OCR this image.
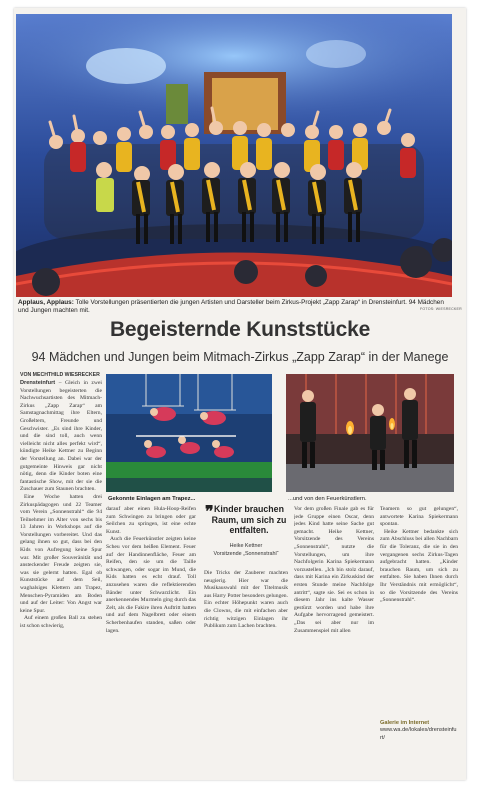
Applaus, Applaus: Tolle Vorstellungen präsentierten die jungen Artisten und Darsteller beim Zirkus-Projekt „Zapp Zarap“ in Drensteinfurt. 94 Mädchen und Jungen machten mit.	FOTOS: WIESRECKER
Begeisternde Kunststücke
94 Mädchen und Jungen beim Mitmach-Zirkus „Zapp Zarap“ in der Manege
VON MECHTHILD WIESRECKER

Drensteinfurt – Gleich in zwei Vorstellungen begeisterten die Nachwuchsartisten des Mitmach-Zirkus „Zapp Zarap“ am Samstagnachmittag ihre Eltern, Großeltern, Freunde und Geschwister. „Es sind ihre Kinder, und die sind toll, auch wenn vielleicht nicht alles perfekt wird“, kündigte Heike Kettner zu Beginn der Vorstellung an. Dabei war der gutgemeinte Hinweis gar nicht nötig, denn die Kinder boten eine fantastische Show, mit der sie die Zuschauer zum Staunen brachten.

Eine Woche hatten drei Zirkuspädagogen und 22 Teamer vom Verein „Sonnenstrahl“ die 94 Teilnehmer im Alter von sechs bis 13 Jahren in Workshops auf die Vorstellungen vorbereitet. Und das gelang ihnen so gut, dass bei den Kids von Aufregung keine Spur war. Mit großer Souveränität und ansteckender Freude zeigten sie, was sie gelernt hatten. Egal ob Kunststücke auf dem Seil, waghalsiges Klettern am Trapez, Menschen-Pyramiden am Boden und auf der Leiter: Von Angst war keine Spur.

Auf einem großen Ball zu stehen ist schon schwierig,

Gekonnte Einlagen am Trapez...	...und von den Feuerkünstlern.
❞ Kinder brauchen Raum, um sich zu entfalten.
Heike Kettner
Vorsitzende „Sonnenstrahl“

darauf aber einen Hula-Hoop-Reifen zum Schwingen zu bringen oder gar Seilchen zu springen, ist eine echte Kunst.

Auch die Feuerkünstler zeigten keine Scheu vor dem heißen Element. Feuer auf der Handinnenfläche, Feuer am Reifen, den sie um die Taille schwangen, oder sogar im Mund, die Kids hatten es echt drauf. Toll anzusehen waren die reflektierenden Bänder unter Schwarzlicht. Ein anerkennendes Murmeln ging durch das Zelt, als die Fakire ihren Auftritt hatten und auf dem Nagelbrett oder einem Scherbenhaufen standen, saßen oder lagen.

Die Tricks der Zauberer machten neugierig. Hier war die Musikauswahl mit der Titelmusik aus Harry Potter besonders gelungen. Ein echter Höhepunkt waren auch die Clowns, die mit einfachen aber richtig witzigen Einlagen ihr Publikum zum Lachen brachten.

Vor dem großen Finale gab es für jede Gruppe einen Oscar, denn jedes Kind hatte seine Sache gut gemacht. Heike Kettner, Vorsitzende des Vereins „Sonnenstrahl“, nutzte die Vorstellungen, um ihre Nachfolgerin Karina Spiekermann vorzustellen. „Ich bin stolz darauf, dass mit Karina ein Zirkuskind der ersten Stunde meine Nachfolge antritt“, sagte sie. Sei es schon in diesem Jahr ins kalte Wasser gestürzt worden und habe ihre Aufgabe hervorragend gemeistert. „Das sei aber nur im Zusammenspiel mit allen

Teamern so gut gelungen“, antwortete Karina Spiekermann spontan.

Heike Kettner bedankte sich zum Abschluss bei allen Nachbarn für die Toleranz, die sie in den vergangenen sechs Zirkus-Tagen aufgebracht hatten. „Kinder brauchen Raum, um sich zu entfalten. Sie haben Ihnen durch Ihr Verständnis mit ermöglicht“, so die Vorsitzende des Vereins „Sonnenstrahl“.

Galerie im Internet
www.wa.de/lokales/drensteinfurt/
